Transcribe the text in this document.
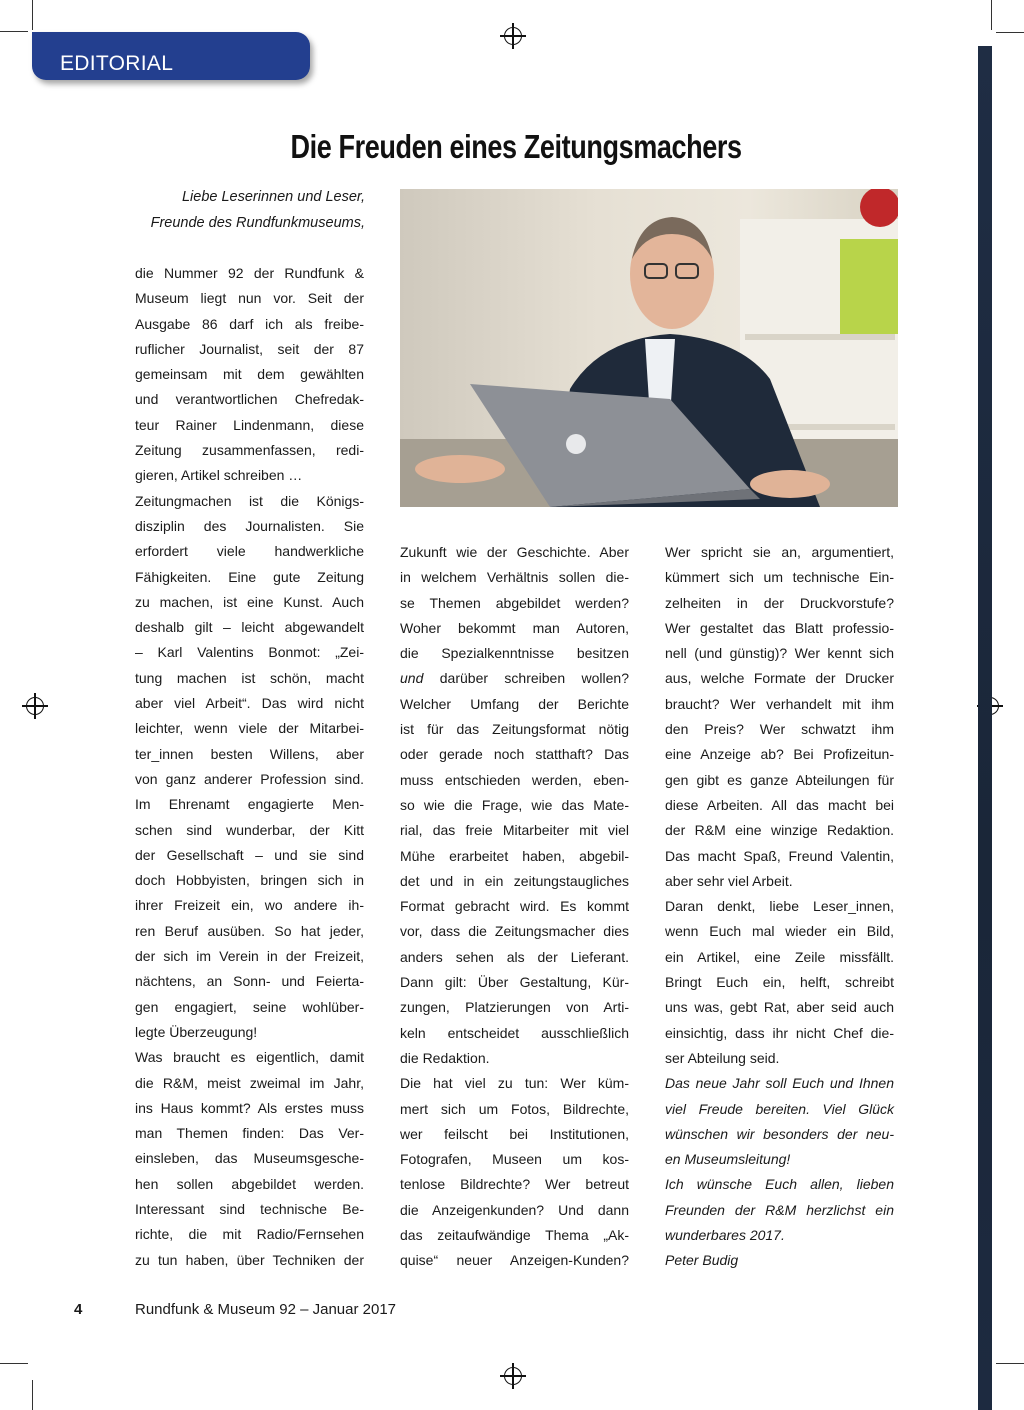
EDITORIAL
Die Freuden eines Zeitungsmachers
Liebe Leserinnen und Leser,
Freunde des Rundfunkmuseums,
die Nummer 92 der Rundfunk &
Museum liegt nun vor. Seit der
Ausgabe 86 darf ich als freibe-
ruflicher Journalist, seit der 87
gemeinsam mit dem gewählten
und verantwortlichen Chefredak-
teur Rainer Lindenmann, diese
Zeitung zusammenfassen, redi-
gieren, Artikel schreiben …
Zeitungmachen ist die Königs-
disziplin des Journalisten. Sie
erfordert viele handwerkliche
Fähigkeiten. Eine gute Zeitung
zu machen, ist eine Kunst. Auch
deshalb gilt – leicht abgewandelt
– Karl Valentins Bonmot: „Zei-
tung machen ist schön, macht
aber viel Arbeit“. Das wird nicht
leichter, wenn viele der Mitarbei-
ter_innen besten Willens, aber
von ganz anderer Profession sind.
Im Ehrenamt engagierte Men-
schen sind wunderbar, der Kitt
der Gesellschaft – und sie sind
doch Hobbyisten, bringen sich in
ihrer Freizeit ein, wo andere ih-
ren Beruf ausüben. So hat jeder,
der sich im Verein in der Freizeit,
nächtens, an Sonn- und Feierta-
gen engagiert, seine wohlüber-
legte Überzeugung!
Was braucht es eigentlich, damit
die R&M, meist zweimal im Jahr,
ins Haus kommt? Als erstes muss
man Themen finden: Das Ver-
einsleben, das Museumsgesche-
hen sollen abgebildet werden.
Interessant sind technische Be-
richte, die mit Radio/Fernsehen
zu tun haben, über Techniken der
Zukunft wie der Geschichte. Aber
in welchem Verhältnis sollen die-
se Themen abgebildet werden?
Woher bekommt man Autoren,
die Spezialkenntnisse besitzen
und darüber schreiben wollen?
Welcher Umfang der Berichte
ist für das Zeitungsformat nötig
oder gerade noch statthaft? Das
muss entschieden werden, eben-
so wie die Frage, wie das Mate-
rial, das freie Mitarbeiter mit viel
Mühe erarbeitet haben, abgebil-
det und in ein zeitungstaugliches
Format gebracht wird. Es kommt
vor, dass die Zeitungsmacher dies
anders sehen als der Lieferant.
Dann gilt: Über Gestaltung, Kür-
zungen, Platzierungen von Arti-
keln entscheidet ausschließlich
die Redaktion.
Die hat viel zu tun: Wer küm-
mert sich um Fotos, Bildrechte,
wer feilscht bei Institutionen,
Fotografen, Museen um kos-
tenlose Bildrechte? Wer betreut
die Anzeigenkunden? Und dann
das zeitaufwändige Thema „Ak-
quise“ neuer Anzeigen-Kunden?
Wer spricht sie an, argumentiert,
kümmert sich um technische Ein-
zelheiten in der Druckvorstufe?
Wer gestaltet das Blatt professio-
nell (und günstig)? Wer kennt sich
aus, welche Formate der Drucker
braucht? Wer verhandelt mit ihm
den Preis? Wer schwatzt ihm
eine Anzeige ab? Bei Profizeitun-
gen gibt es ganze Abteilungen für
diese Arbeiten. All das macht bei
der R&M eine winzige Redaktion.
Das macht Spaß, Freund Valentin,
aber sehr viel Arbeit.
Daran denkt, liebe Leser_innen,
wenn Euch mal wieder ein Bild,
ein Artikel, eine Zeile missfällt.
Bringt Euch ein, helft, schreibt
uns was, gebt Rat, aber seid auch
einsichtig, dass ihr nicht Chef die-
ser Abteilung seid.
Das neue Jahr soll Euch und Ihnen
viel Freude bereiten. Viel Glück
wünschen wir besonders der neu-
en Museumsleitung!
Ich wünsche Euch allen, lieben
Freunden der R&M herzlichst ein
wunderbares 2017.
Peter Budig
4	Rundfunk & Museum 92 – Januar 2017
